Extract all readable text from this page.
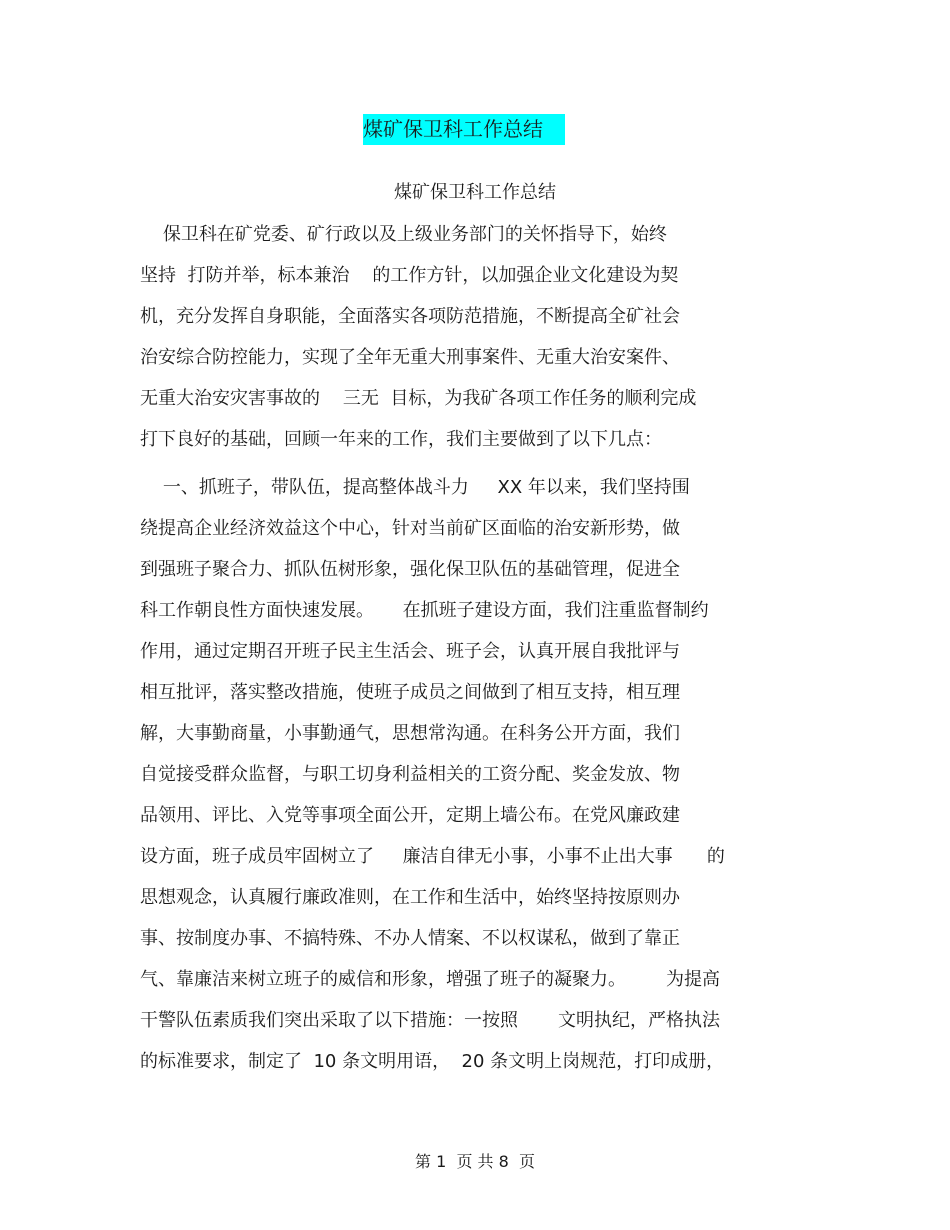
煤矿保卫科工作总结
煤矿保卫科工作总结
保卫科在矿党委、矿行政以及上级业务部门的关怀指导下，始终
坚持  打防并举，标本兼治    的工作方针，以加强企业文化建设为契
机，充分发挥自身职能，全面落实各项防范措施，不断提高全矿社会
治安综合防控能力，实现了全年无重大刑事案件、无重大治安案件、
无重大治安灾害事故的    三无  目标，为我矿各项工作任务的顺利完成
打下良好的基础，回顾一年来的工作，我们主要做到了以下几点：
一、抓班子，带队伍，提高整体战斗力     XX 年以来，我们坚持围
绕提高企业经济效益这个中心，针对当前矿区面临的治安新形势，做
到强班子聚合力、抓队伍树形象，强化保卫队伍的基础管理，促进全
科工作朝良性方面快速发展。     在抓班子建设方面，我们注重监督制约
作用，通过定期召开班子民主生活会、班子会，认真开展自我批评与
相互批评，落实整改措施，使班子成员之间做到了相互支持，相互理
解，大事勤商量，小事勤通气，思想常沟通。在科务公开方面，我们
自觉接受群众监督，与职工切身利益相关的工资分配、奖金发放、物
品领用、评比、入党等事项全面公开，定期上墙公布。在党风廉政建
设方面，班子成员牢固树立了     廉洁自律无小事，小事不止出大事      的
思想观念，认真履行廉政准则，在工作和生活中，始终坚持按原则办
事、按制度办事、不搞特殊、不办人情案、不以权谋私，做到了靠正
气、靠廉洁来树立班子的威信和形象，增强了班子的凝聚力。       为提高
干警队伍素质我们突出采取了以下措施：一按照       文明执纪，严格执法
的标准要求，制定了  10 条文明用语，  20 条文明上岗规范，打印成册，
第 1  页 共 8  页
